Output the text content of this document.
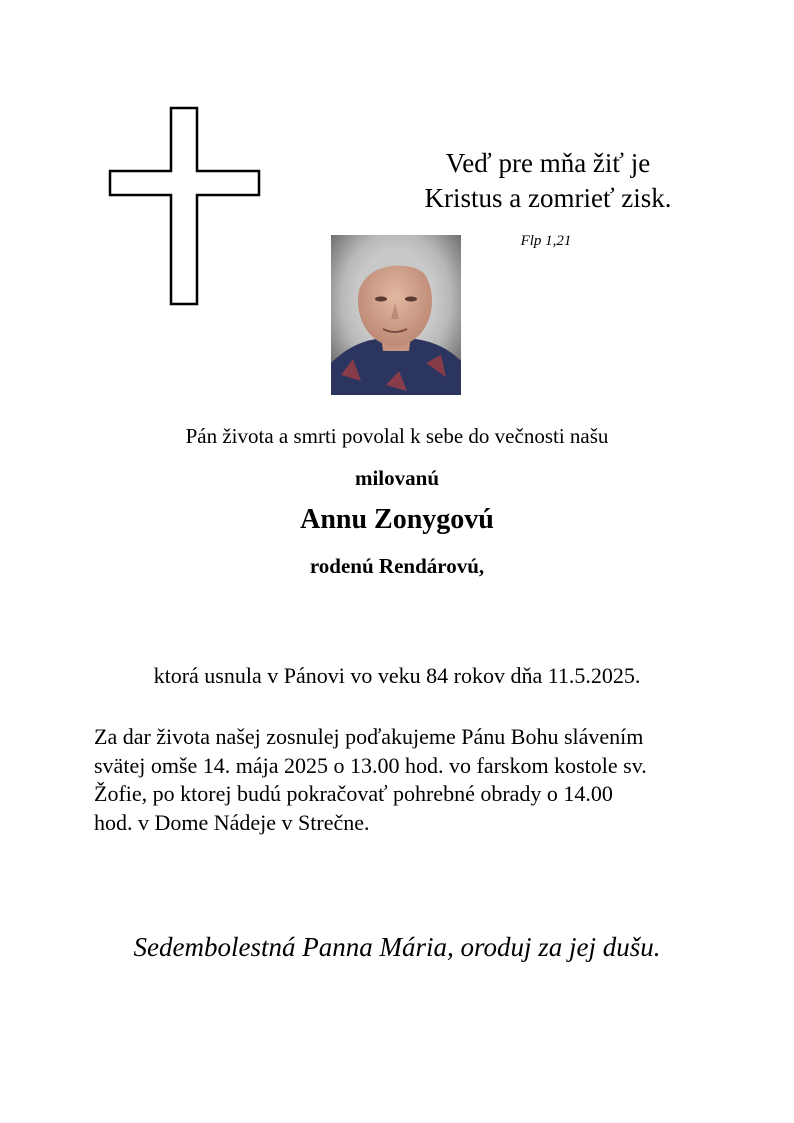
Veď pre mňa žiť je
Kristus a zomrieť zisk.
Flp 1,21
Pán života a smrti povolal k sebe do večnosti našu
milovanú
Annu Zonygovú
rodenú Rendárovú,
ktorá usnula v Pánovi vo veku 84 rokov dňa 11.5.2025.
Za dar života našej zosnulej poďakujeme Pánu Bohu slávením
svätej omše 14. mája 2025 o 13.00 hod. vo farskom kostole sv.
Žofie, po ktorej budú pokračovať pohrebné obrady o 14.00
hod. v Dome Nádeje v Strečne.
Sedembolestná Panna Mária, oroduj za jej dušu.
